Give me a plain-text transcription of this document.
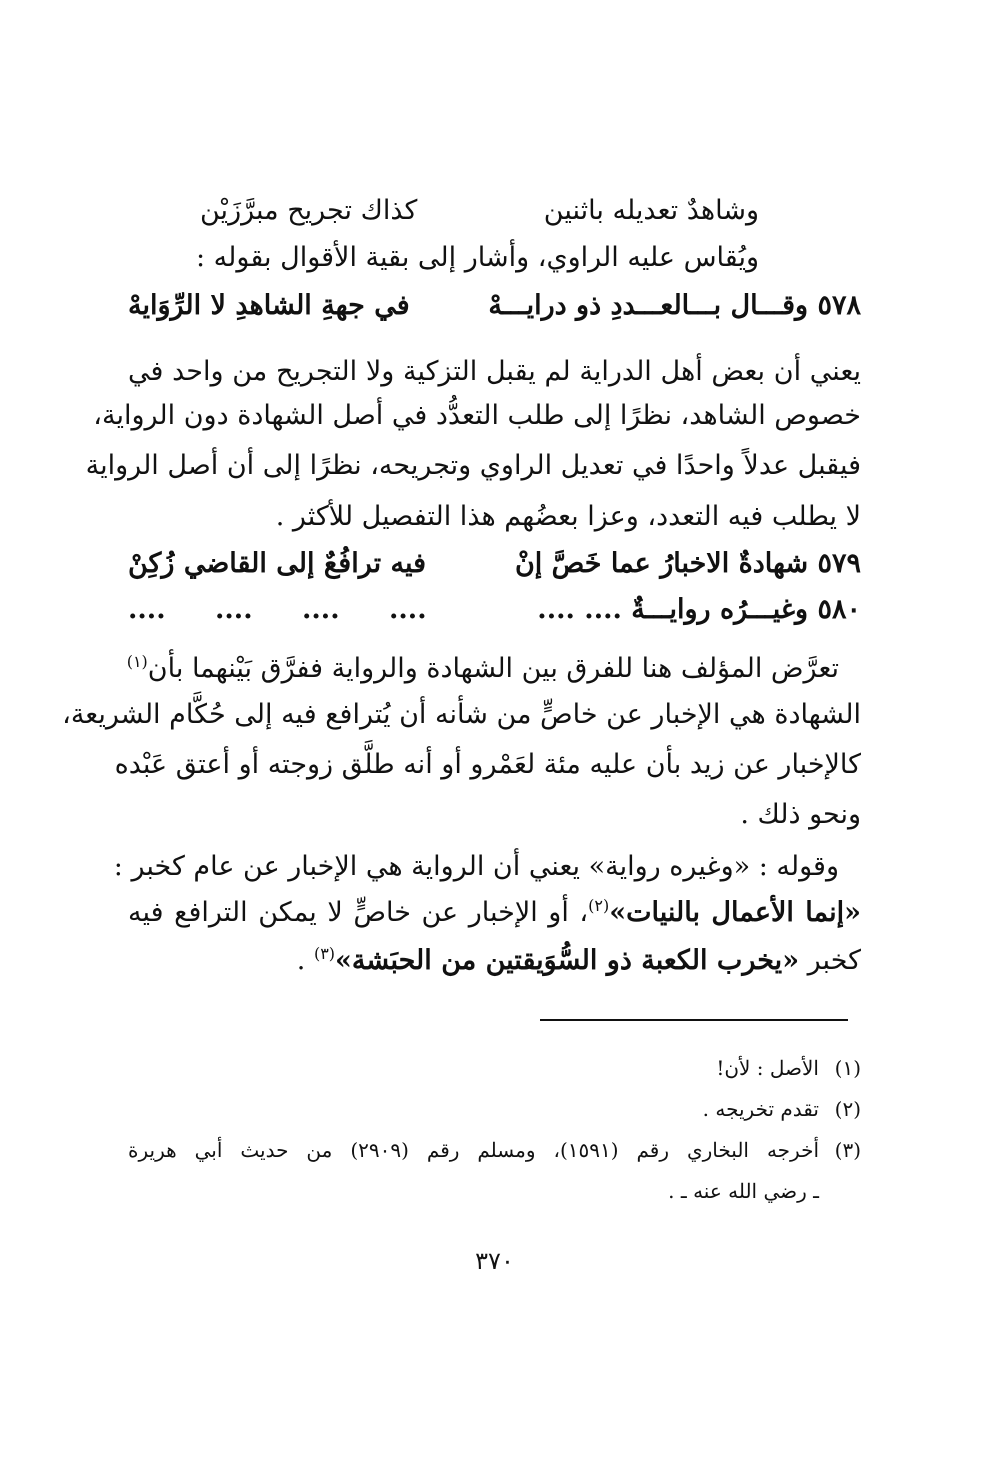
وشاهدٌ تعديله باثنين
كذاك تجريح مبرَّزَيْن
ويُقاس عليه الراوي، وأشار إلى بقية الأقوال بقوله :
٥٧٨ وقـــال بـــالعـــددِ ذو درايـــهْ
في جهةِ الشاهدِ لا الرِّوَايهْ
يعني أن بعض أهل الدراية لم يقبل التزكية ولا التجريح من واحد في
خصوص الشاهد، نظرًا إلى طلب التعدُّد في أصل الشهادة دون الرواية،
فيقبل عدلاً واحدًا في تعديل الراوي وتجريحه، نظرًا إلى أن أصل الرواية
لا يطلب فيه التعدد، وعزا بعضُهم هذا التفصيل للأكثر .
٥٧٩ شهادةٌ الاخبارُ عما خَصَّ إنْ
فيه ترافُعٌ إلى القاضي زُكِنْ
٥٨٠ وغيـــرُه روايـــةٌ .... ....
.... .... .... ....
تعرَّض المؤلف هنا للفرق بين الشهادة والرواية ففرَّق بَيْنهما بأن$^{(١)}$
الشهادة هي الإخبار عن خاصٍّ من شأنه أن يُترافع فيه إلى حُكَّام الشريعة،
كالإخبار عن زيد بأن عليه مئة لعَمْرو أو أنه طلَّق زوجته أو أعتق عَبْده
ونحو ذلك .
وقوله : «وغيره رواية» يعني أن الرواية هي الإخبار عن عام كخبر :
«إنما الأعمال بالنيات»$^{(٢)}$، أو الإخبار عن خاصٍّ لا يمكن الترافع فيه
كخبر «يخرب الكعبة ذو السُّوَيقتين من الحبَشة»$^{(٣)}$ .
(١)الأصل : لأن!
(٢)تقدم تخريجه .
(٣)أخرجه البخاري رقم (١٥٩١)، ومسلم رقم (٢٩٠٩) من حديث أبي هريرة
ـ رضي الله عنه ـ .
٣٧٠
